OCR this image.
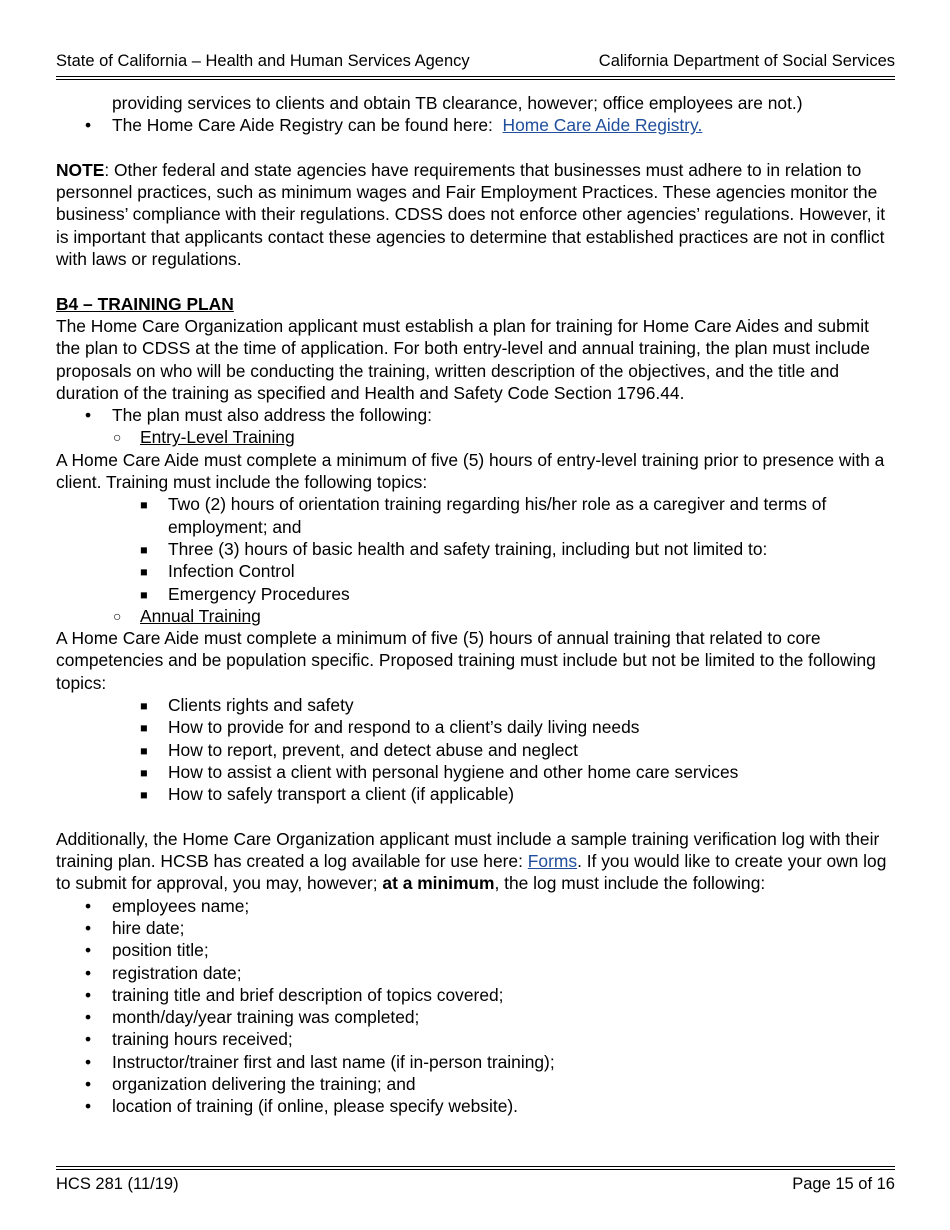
State of California – Health and Human Services Agency	California Department of Social Services

providing services to clients and obtain TB clearance, however; office employees are not.)

• The Home Care Aide Registry can be found here: Home Care Aide Registry.

NOTE: Other federal and state agencies have requirements that businesses must adhere to in relation to personnel practices, such as minimum wages and Fair Employment Practices. These agencies monitor the business’ compliance with their regulations. CDSS does not enforce other agencies’ regulations. However, it is important that applicants contact these agencies to determine that established practices are not in conflict with laws or regulations.

B4 – TRAINING PLAN

The Home Care Organization applicant must establish a plan for training for Home Care Aides and submit the plan to CDSS at the time of application. For both entry-level and annual training, the plan must include proposals on who will be conducting the training, written description of the objectives, and the title and duration of the training as specified and Health and Safety Code Section 1796.44.

• The plan must also address the following:
○ Entry-Level Training

A Home Care Aide must complete a minimum of five (5) hours of entry-level training prior to presence with a client. Training must include the following topics:

■ Two (2) hours of orientation training regarding his/her role as a caregiver and terms of employment; and
■ Three (3) hours of basic health and safety training, including but not limited to:
■ Infection Control
■ Emergency Procedures
○ Annual Training

A Home Care Aide must complete a minimum of five (5) hours of annual training that related to core competencies and be population specific. Proposed training must include but not be limited to the following topics:

■ Clients rights and safety
■ How to provide for and respond to a client’s daily living needs
■ How to report, prevent, and detect abuse and neglect
■ How to assist a client with personal hygiene and other home care services
■ How to safely transport a client (if applicable)

Additionally, the Home Care Organization applicant must include a sample training verification log with their training plan. HCSB has created a log available for use here: Forms. If you would like to create your own log to submit for approval, you may, however; at a minimum, the log must include the following:

• employees name;
• hire date;
• position title;
• registration date;
• training title and brief description of topics covered;
• month/day/year training was completed;
• training hours received;
• Instructor/trainer first and last name (if in-person training);
• organization delivering the training; and
• location of training (if online, please specify website).
HCS 281 (11/19)	Page 15 of 16
